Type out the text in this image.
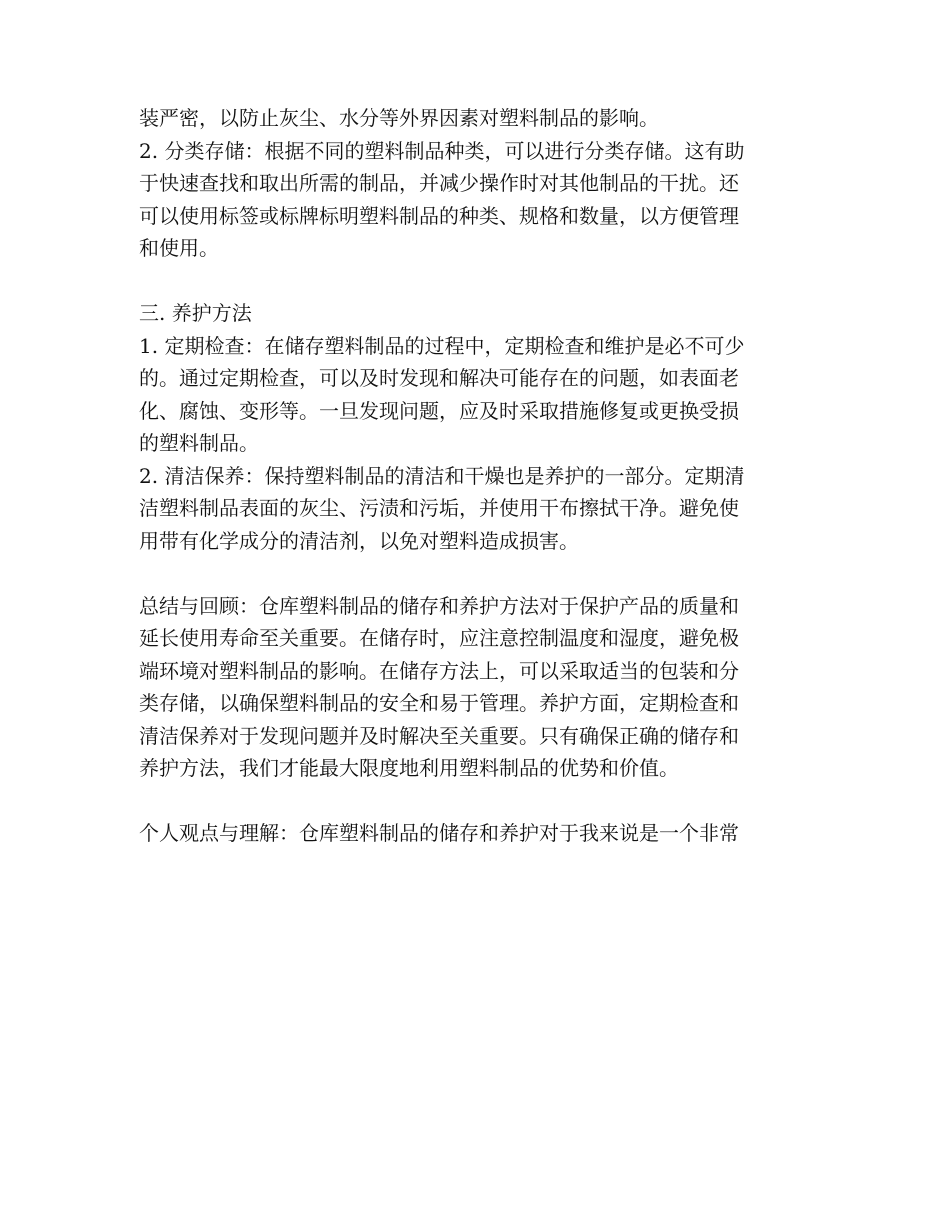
装严密，以防止灰尘、水分等外界因素对塑料制品的影响。
2. 分类存储：根据不同的塑料制品种类，可以进行分类存储。这有助
于快速查找和取出所需的制品，并减少操作时对其他制品的干扰。还
可以使用标签或标牌标明塑料制品的种类、规格和数量，以方便管理
和使用。
三. 养护方法
1. 定期检查：在储存塑料制品的过程中，定期检查和维护是必不可少
的。通过定期检查，可以及时发现和解决可能存在的问题，如表面老
化、腐蚀、变形等。一旦发现问题，应及时采取措施修复或更换受损
的塑料制品。
2. 清洁保养：保持塑料制品的清洁和干燥也是养护的一部分。定期清
洁塑料制品表面的灰尘、污渍和污垢，并使用干布擦拭干净。避免使
用带有化学成分的清洁剂，以免对塑料造成损害。
总结与回顾：仓库塑料制品的储存和养护方法对于保护产品的质量和
延长使用寿命至关重要。在储存时，应注意控制温度和湿度，避免极
端环境对塑料制品的影响。在储存方法上，可以采取适当的包装和分
类存储，以确保塑料制品的安全和易于管理。养护方面，定期检查和
清洁保养对于发现问题并及时解决至关重要。只有确保正确的储存和
养护方法，我们才能最大限度地利用塑料制品的优势和价值。
个人观点与理解：仓库塑料制品的储存和养护对于我来说是一个非常
